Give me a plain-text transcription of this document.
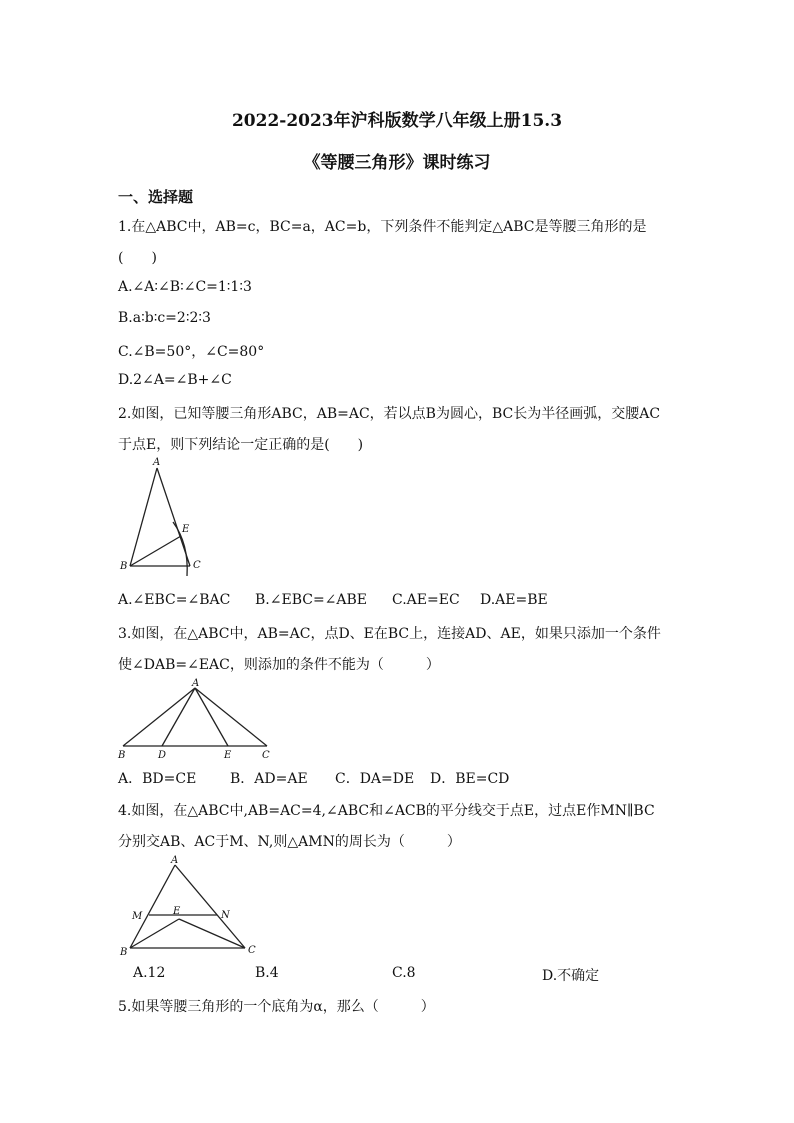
2022-2023年沪科版数学八年级上册15.3
《等腰三角形》课时练习
一、选择题
1.在△ABC中，AB=c，BC=a，AC=b，下列条件不能判定△ABC是等腰三角形的是
(　　)
A.∠A∶∠B∶∠C=1∶1∶3
B.a∶b∶c=2∶2∶3
C.∠B=50°，∠C=80°
D.2∠A=∠B+∠C
2.如图，已知等腰三角形ABC，AB=AC，若以点B为圆心，BC长为半径画弧，交腰AC
于点E，则下列结论一定正确的是(　　)
A
B	C
E
A.∠EBC=∠BAC B.∠EBC=∠ABE C.AE=EC D.AE=BE
3.如图，在△ABC中，AB=AC，点D、E在BC上，连接AD、AE，如果只添加一个条件
使∠DAB=∠EAC，则添加的条件不能为（　　　）
A
B	D	E	C
A．BD=CE B．AD=AE C．DA=DE D．BE=CD
4.如图，在△ABC中,AB=AC=4,∠ABC和∠ACB的平分线交于点E，过点E作MN∥BC
分别交AB、AC于M、N,则△AMN的周长为（　　　）
A
M	E	N
B	C
A.12	B.4	C.8	D.不确定
5.如果等腰三角形的一个底角为α，那么（　　　）
